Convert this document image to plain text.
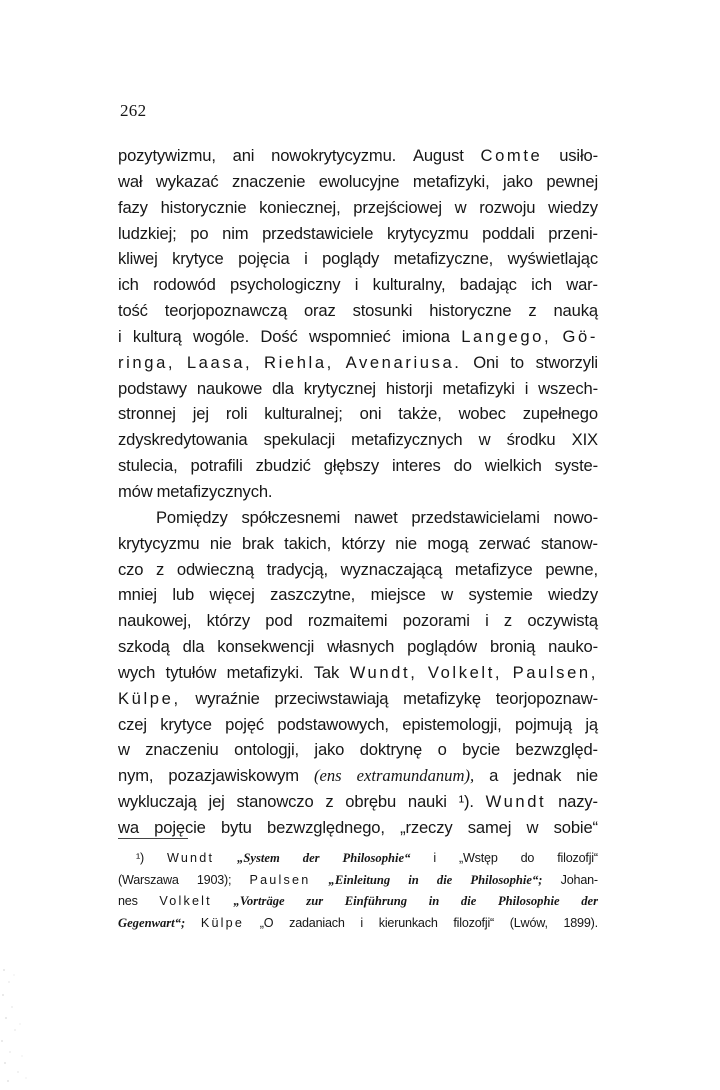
262
pozytywizmu, ani nowokrytycyzmu. August Comte usiło-
wał wykazać znaczenie ewolucyjne metafizyki, jako pewnej
fazy historycznie koniecznej, przejściowej w rozwoju wiedzy
ludzkiej; po nim przedstawiciele krytycyzmu poddali przeni-
kliwej krytyce pojęcia i poglądy metafizyczne, wyświetlając
ich rodowód psychologiczny i kulturalny, badając ich war-
tość teorjopoznawczą oraz stosunki historyczne z nauką
i kulturą wogóle. Dość wspomnieć imiona Langego, Gö-
ringa, Laasa, Riehla, Avenariusa. Oni to stworzyli
podstawy naukowe dla krytycznej historji metafizyki i wszech-
stronnej jej roli kulturalnej; oni także, wobec zupełnego
zdyskredytowania spekulacji metafizycznych w środku XIX
stulecia, potrafili zbudzić głębszy interes do wielkich syste-
mów metafizycznych.
Pomiędzy spółczesnemi nawet przedstawicielami nowo-
krytycyzmu nie brak takich, którzy nie mogą zerwać stanow-
czo z odwieczną tradycją, wyznaczającą metafizyce pewne,
mniej lub więcej zaszczytne, miejsce w systemie wiedzy
naukowej, którzy pod rozmaitemi pozorami i z oczywistą
szkodą dla konsekwencji własnych poglądów bronią nauko-
wych tytułów metafizyki. Tak Wundt, Volkelt, Paulsen,
Külpe, wyraźnie przeciwstawiają metafizykę teorjopoznaw-
czej krytyce pojęć podstawowych, epistemologji, pojmują ją
w znaczeniu ontologji, jako doktrynę o bycie bezwzględ-
nym, pozazjawiskowym (ens extramundanum), a jednak nie
wykluczają jej stanowczo z obrębu nauki ¹). Wundt nazy-
wa pojęcie bytu bezwzględnego, „rzeczy samej w sobie“
¹) Wundt „System der Philosophie“ i „Wstęp do filozofji“
(Warszawa 1903); Paulsen „Einleitung in die Philosophie“; Johan-
nes Volkelt „Vorträge zur Einführung in die Philosophie der
Gegenwart“; Külpe „O zadaniach i kierunkach filozofji“ (Lwów, 1899).
